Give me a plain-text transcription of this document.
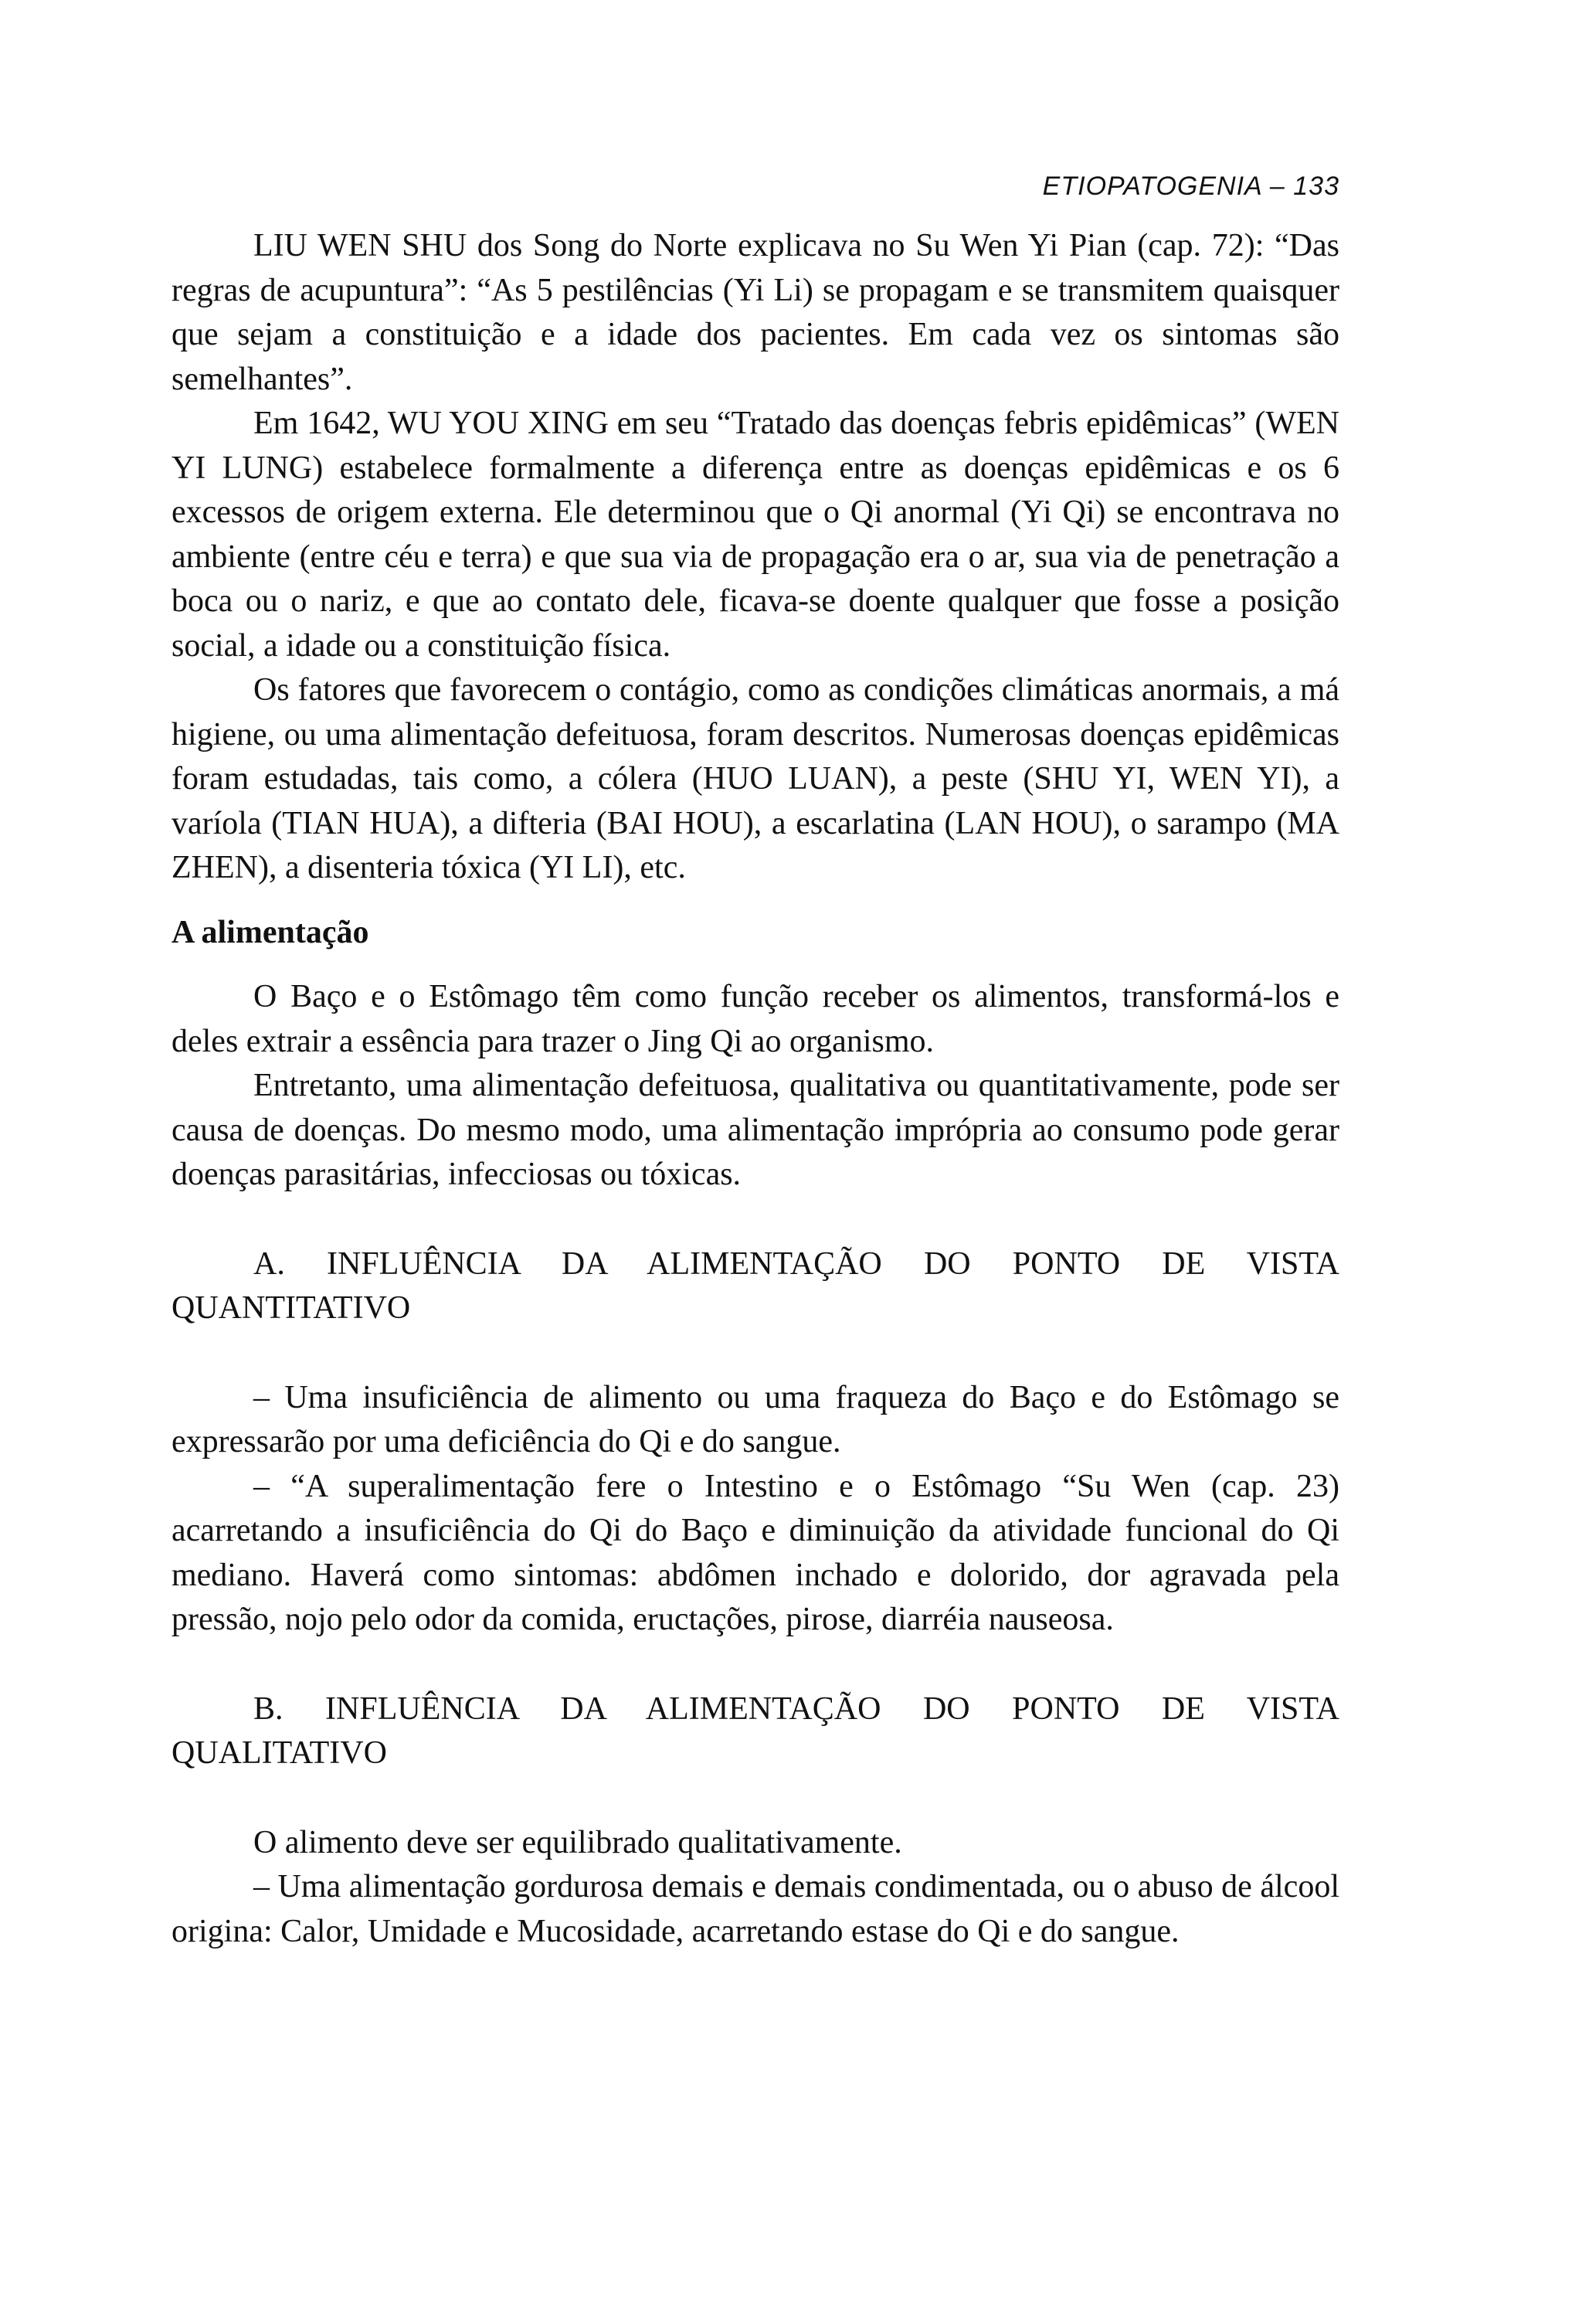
ETIOPATOGENIA – 133

LIU WEN SHU dos Song do Norte explicava no Su Wen Yi Pian (cap. 72): “Das regras de acupuntura”: “As 5 pestilências (Yi Li) se propagam e se transmitem quaisquer que sejam a constituição e a idade dos pacientes. Em cada vez os sintomas são semelhantes”.

Em 1642, WU YOU XING em seu “Tratado das doenças febris epidêmicas” (WEN YI LUNG) estabelece formalmente a diferença entre as doenças epidêmicas e os 6 excessos de origem externa. Ele determinou que o Qi anormal (Yi Qi) se encontrava no ambiente (entre céu e terra) e que sua via de propagação era o ar, sua via de penetração a boca ou o nariz, e que ao contato dele, ficava-se doente qualquer que fosse a posição social, a idade ou a constituição física.

Os fatores que favorecem o contágio, como as condições climáticas anormais, a má higiene, ou uma alimentação defeituosa, foram descritos. Numerosas doenças epidêmicas foram estudadas, tais como, a cólera (HUO LUAN), a peste (SHU YI, WEN YI), a varíola (TIAN HUA), a difteria (BAI HOU), a escarlatina (LAN HOU), o sarampo (MA ZHEN), a disenteria tóxica (YI LI), etc.

A alimentação

O Baço e o Estômago têm como função receber os alimentos, transformá-los e deles extrair a essência para trazer o Jing Qi ao organismo.

Entretanto, uma alimentação defeituosa, qualitativa ou quantitativamente, pode ser causa de doenças. Do mesmo modo, uma alimentação imprópria ao consumo pode gerar doenças parasitárias, infecciosas ou tóxicas.

A. INFLUÊNCIA DA ALIMENTAÇÃO DO PONTO DE VISTA QUANTITATIVO

– Uma insuficiência de alimento ou uma fraqueza do Baço e do Estômago se expressarão por uma deficiência do Qi e do sangue.

– “A superalimentação fere o Intestino e o Estômago “Su Wen (cap. 23) acarretando a insuficiência do Qi do Baço e diminuição da atividade funcional do Qi mediano. Haverá como sintomas: abdômen inchado e dolorido, dor agravada pela pressão, nojo pelo odor da comida, eructações, pirose, diarréia nauseosa.

B. INFLUÊNCIA DA ALIMENTAÇÃO DO PONTO DE VISTA QUALITATIVO

O alimento deve ser equilibrado qualitativamente.

– Uma alimentação gordurosa demais e demais condimentada, ou o abuso de álcool origina: Calor, Umidade e Mucosidade, acarretando estase do Qi e do sangue.
